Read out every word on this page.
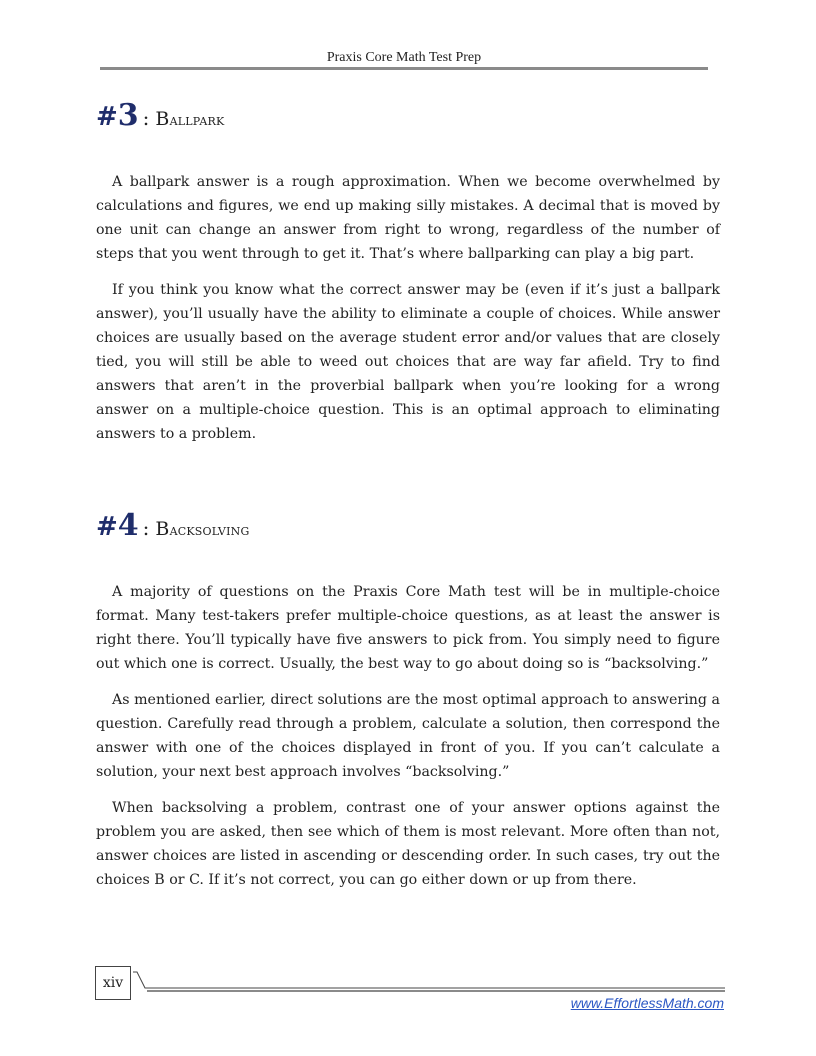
Praxis Core Math Test Prep
# 3 : Ballpark

A ballpark answer is a rough approximation. When we become overwhelmed by calculations and figures, we end up making silly mistakes. A decimal that is moved by one unit can change an answer from right to wrong, regardless of the number of steps that you went through to get it. That’s where ballparking can play a big part.

If you think you know what the correct answer may be (even if it’s just a ballpark answer), you’ll usually have the ability to eliminate a couple of choices. While answer choices are usually based on the average student error and/or values that are closely tied, you will still be able to weed out choices that are way far afield. Try to find answers that aren’t in the proverbial ballpark when you’re looking for a wrong answer on a multiple-choice question. This is an optimal approach to eliminating answers to a problem.

# 4 : Backsolving

A majority of questions on the Praxis Core Math test will be in multiple-choice format. Many test-takers prefer multiple-choice questions, as at least the answer is right there. You’ll typically have five answers to pick from. You simply need to figure out which one is correct. Usually, the best way to go about doing so is “backsolving.”

As mentioned earlier, direct solutions are the most optimal approach to answering a question. Carefully read through a problem, calculate a solution, then correspond the answer with one of the choices displayed in front of you. If you can’t calculate a solution, your next best approach involves “backsolving.”

When backsolving a problem, contrast one of your answer options against the problem you are asked, then see which of them is most relevant. More often than not, answer choices are listed in ascending or descending order. In such cases, try out the choices B or C. If it’s not correct, you can go either down or up from there.

xiv
www.EffortlessMath.com
